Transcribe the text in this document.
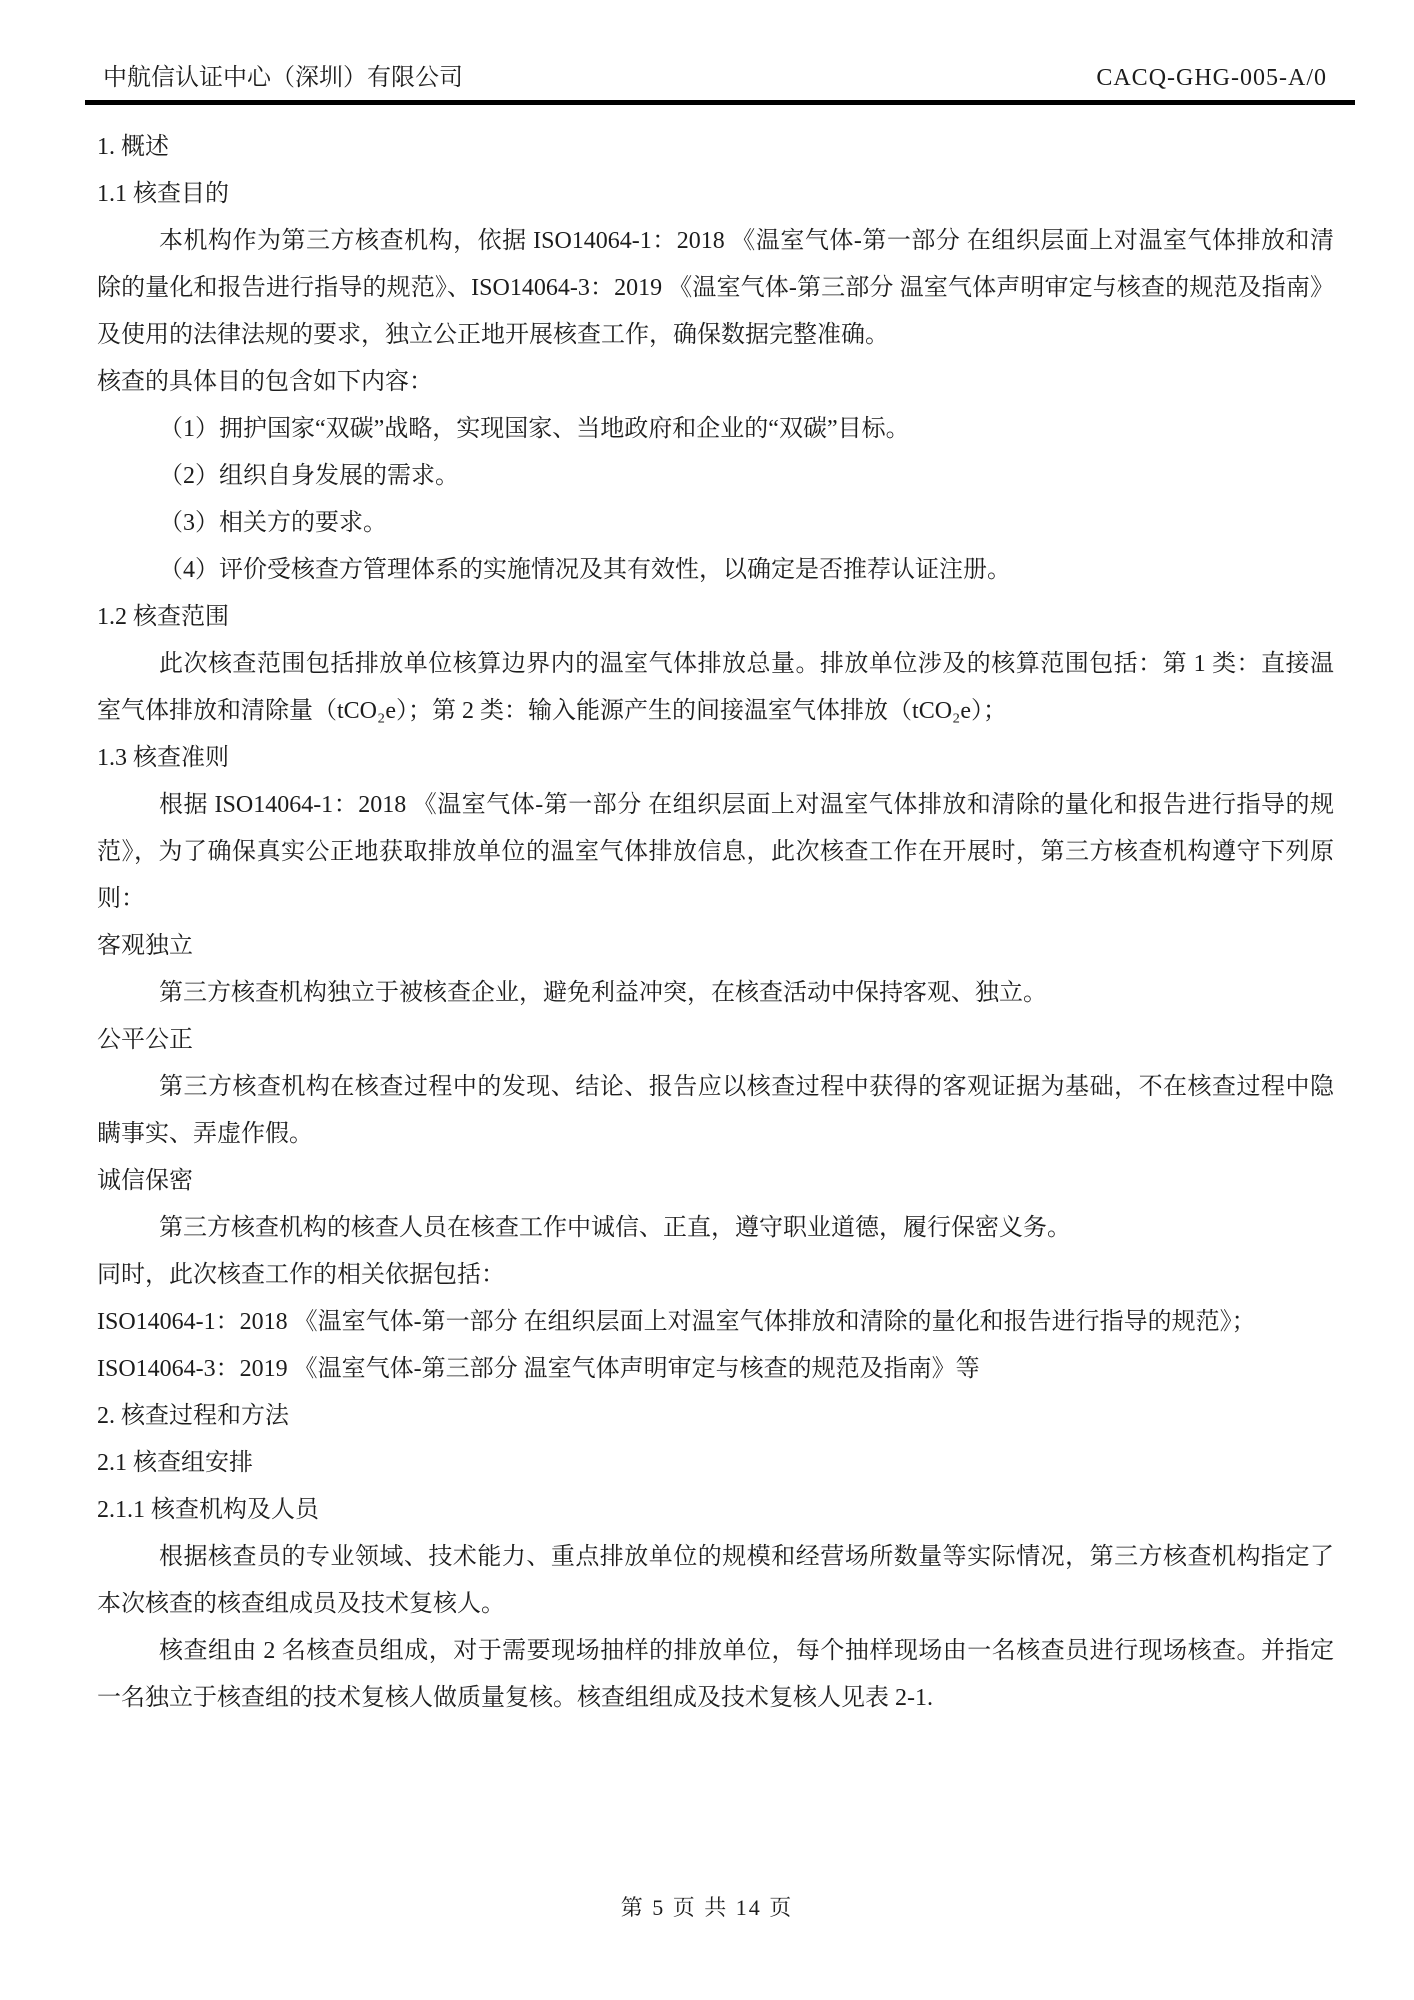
中航信认证中心（深圳）有限公司	CACQ-GHG-005-A/0

1. 概述

1.1 核查目的

本机构作为第三方核查机构，依据 ISO14064-1：2018 《温室气体-第一部分 在组织层面上对温室气体排放和清除的量化和报告进行指导的规范》、ISO14064-3：2019 《温室气体-第三部分 温室气体声明审定与核查的规范及指南》及使用的法律法规的要求，独立公正地开展核查工作，确保数据完整准确。

核查的具体目的包含如下内容：

（1）拥护国家“双碳”战略，实现国家、当地政府和企业的“双碳”目标。

（2）组织自身发展的需求。

（3）相关方的要求。

（4）评价受核查方管理体系的实施情况及其有效性，以确定是否推荐认证注册。

1.2 核查范围

此次核查范围包括排放单位核算边界内的温室气体排放总量。排放单位涉及的核算范围包括：第 1 类：直接温室气体排放和清除量（tCO₂e）；第 2 类：输入能源产生的间接温室气体排放（tCO₂e）；

1.3 核查准则

根据 ISO14064-1：2018 《温室气体-第一部分 在组织层面上对温室气体排放和清除的量化和报告进行指导的规范》，为了确保真实公正地获取排放单位的温室气体排放信息，此次核查工作在开展时，第三方核查机构遵守下列原则：

客观独立

第三方核查机构独立于被核查企业，避免利益冲突，在核查活动中保持客观、独立。

公平公正

第三方核查机构在核查过程中的发现、结论、报告应以核查过程中获得的客观证据为基础，不在核查过程中隐瞒事实、弄虚作假。

诚信保密

第三方核查机构的核查人员在核查工作中诚信、正直，遵守职业道德，履行保密义务。

同时，此次核查工作的相关依据包括：

ISO14064-1：2018 《温室气体-第一部分 在组织层面上对温室气体排放和清除的量化和报告进行指导的规范》；

ISO14064-3：2019 《温室气体-第三部分 温室气体声明审定与核查的规范及指南》等

2. 核查过程和方法

2.1 核查组安排

2.1.1 核查机构及人员

根据核查员的专业领域、技术能力、重点排放单位的规模和经营场所数量等实际情况，第三方核查机构指定了本次核查的核查组成员及技术复核人。

核查组由 2 名核查员组成，对于需要现场抽样的排放单位，每个抽样现场由一名核查员进行现场核查。并指定一名独立于核查组的技术复核人做质量复核。核查组组成及技术复核人见表 2-1.

第 5 页 共 14 页
